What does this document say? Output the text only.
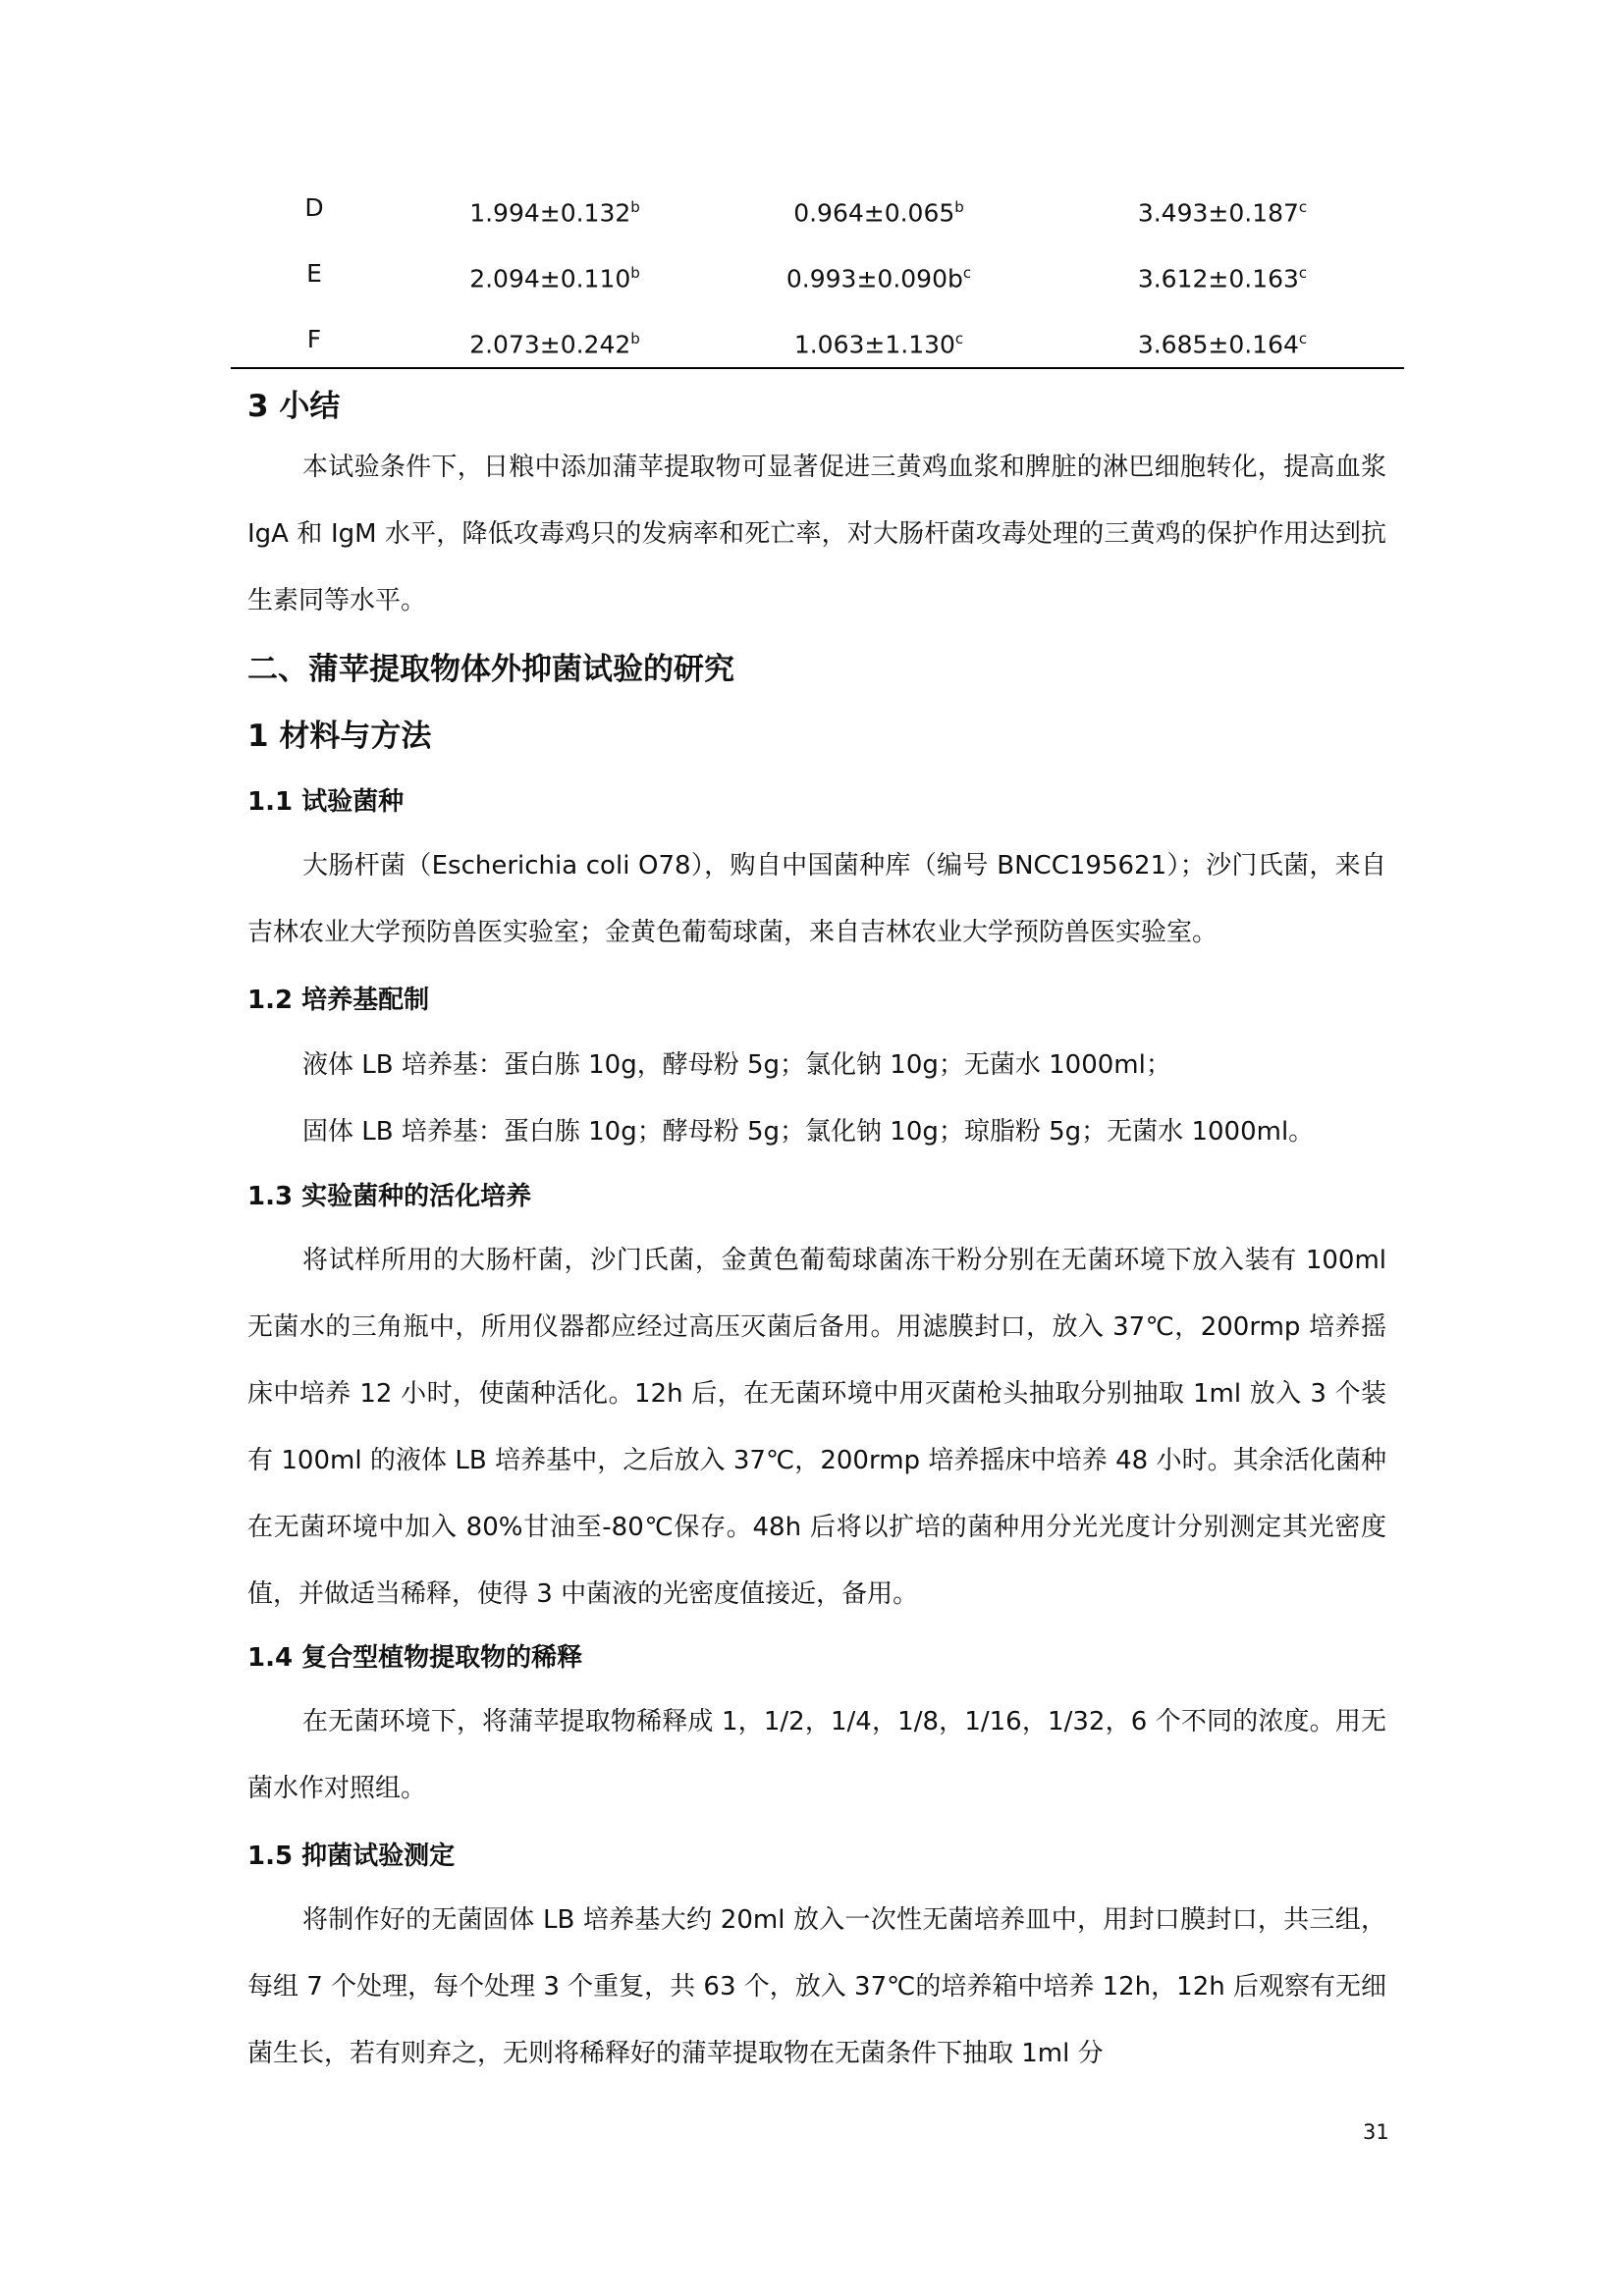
D	1.994±0.132$^b$	0.964±0.065$^b$	3.493±0.187$^c$
E	2.094±0.110$^b$	$0.993\pm 0.090b^c$	3.612±0.163$^c$
F	2.073±0.242$^b$	1.063±1.130$^c$	3.685±0.164$^c$
3 小结
本试验条件下，日粮中添加蒲苹提取物可显著促进三黄鸡血浆和脾脏的淋巴细胞转化，提高血浆 IgA 和 IgM 水平，降低攻毒鸡只的发病率和死亡率，对大肠杆菌攻毒处理的三黄鸡的保护作用达到抗生素同等水平。
二、蒲苹提取物体外抑菌试验的研究
1 材料与方法
1.1 试验菌种
大肠杆菌（Escherichia coli O78），购自中国菌种库（编号 BNCC195621）；沙门氏菌，来自吉林农业大学预防兽医实验室；金黄色葡萄球菌，来自吉林农业大学预防兽医实验室。
1.2 培养基配制
液体 LB 培养基：蛋白胨 10g，酵母粉 5g；氯化钠 10g；无菌水 1000ml；
固体 LB 培养基：蛋白胨 10g；酵母粉 5g；氯化钠 10g；琼脂粉 5g；无菌水 1000ml。
1.3 实验菌种的活化培养
将试样所用的大肠杆菌，沙门氏菌，金黄色葡萄球菌冻干粉分别在无菌环境下放入装有 100ml 无菌水的三角瓶中，所用仪器都应经过高压灭菌后备用。用滤膜封口，放入 37℃，200rmp 培养摇床中培养 12 小时，使菌种活化。12h 后，在无菌环境中用灭菌枪头抽取分别抽取 1ml 放入 3 个装有 100ml 的液体 LB 培养基中，之后放入 37℃，200rmp 培养摇床中培养 48 小时。其余活化菌种在无菌环境中加入 80%甘油至-80℃保存。48h 后将以扩培的菌种用分光光度计分别测定其光密度值，并做适当稀释，使得 3 中菌液的光密度值接近，备用。
1.4 复合型植物提取物的稀释
在无菌环境下，将蒲苹提取物稀释成 1，1/2，1/4，1/8，1/16，1/32，6 个不同的浓度。用无菌水作对照组。
1.5 抑菌试验测定
将制作好的无菌固体 LB 培养基大约 20ml 放入一次性无菌培养皿中，用封口膜封口，共三组，每组 7 个处理，每个处理 3 个重复，共 63 个，放入 37℃的培养箱中培养 12h，12h 后观察有无细菌生长，若有则弃之，无则将稀释好的蒲苹提取物在无菌条件下抽取 1ml 分
31
